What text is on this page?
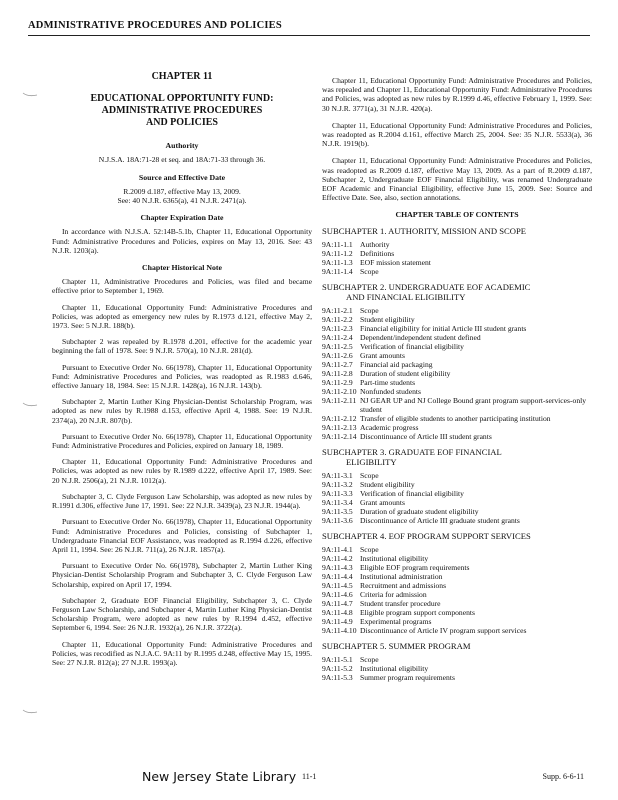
ADMINISTRATIVE PROCEDURES AND POLICIES
CHAPTER 11
EDUCATIONAL OPPORTUNITY FUND:
ADMINISTRATIVE PROCEDURES
AND POLICIES
Authority
N.J.S.A. 18A:71-28 et seq. and 18A:71-33 through 36.
Source and Effective Date
R.2009 d.187, effective May 13, 2009.
See: 40 N.J.R. 6365(a), 41 N.J.R. 2471(a).
Chapter Expiration Date

In accordance with N.J.S.A. 52:14B-5.1b, Chapter 11, Educational Opportunity Fund: Administrative Procedures and Policies, expires on May 13, 2016. See: 43 N.J.R. 1203(a).

Chapter Historical Note

Chapter 11, Administrative Procedures and Policies, was filed and became effective prior to September 1, 1969.

Chapter 11, Educational Opportunity Fund: Administrative Procedures and Policies, was adopted as emergency new rules by R.1973 d.121, effective May 2, 1973. See: 5 N.J.R. 188(b).

Subchapter 2 was repealed by R.1978 d.201, effective for the academic year beginning the fall of 1978. See: 9 N.J.R. 570(a), 10 N.J.R. 281(d).

Pursuant to Executive Order No. 66(1978), Chapter 11, Educational Opportunity Fund: Administrative Procedures and Policies, was readopted as R.1983 d.646, effective January 18, 1984. See: 15 N.J.R. 1428(a), 16 N.J.R. 143(b).

Subchapter 2, Martin Luther King Physician-Dentist Scholarship Program, was adopted as new rules by R.1988 d.153, effective April 4, 1988. See: 19 N.J.R. 2374(a), 20 N.J.R. 807(b).

Pursuant to Executive Order No. 66(1978), Chapter 11, Educational Opportunity Fund: Administrative Procedures and Policies, expired on January 18, 1989.

Chapter 11, Educational Opportunity Fund: Administrative Procedures and Policies, was adopted as new rules by R.1989 d.222, effective April 17, 1989. See: 20 N.J.R. 2506(a), 21 N.J.R. 1012(a).

Subchapter 3, C. Clyde Ferguson Law Scholarship, was adopted as new rules by R.1991 d.306, effective June 17, 1991. See: 22 N.J.R. 3439(a), 23 N.J.R. 1944(a).

Pursuant to Executive Order No. 66(1978), Chapter 11, Educational Opportunity Fund: Administrative Procedures and Policies, consisting of Subchapter 1, Undergraduate Financial EOF Assistance, was readopted as R.1994 d.226, effective April 11, 1994. See: 26 N.J.R. 711(a), 26 N.J.R. 1857(a).

Pursuant to Executive Order No. 66(1978), Subchapter 2, Martin Luther King Physician-Dentist Scholarship Program and Subchapter 3, C. Clyde Ferguson Law Scholarship, expired on April 17, 1994.

Subchapter 2, Graduate EOF Financial Eligibility, Subchapter 3, C. Clyde Ferguson Law Scholarship, and Subchapter 4, Martin Luther King Physician-Dentist Scholarship Program, were adopted as new rules by R.1994 d.452, effective September 6, 1994. See: 26 N.J.R. 1932(a), 26 N.J.R. 3722(a).

Chapter 11, Educational Opportunity Fund: Administrative Procedures and Policies, was recodified as N.J.A.C. 9A:11 by R.1995 d.248, effective May 15, 1995. See: 27 N.J.R. 812(a); 27 N.J.R. 1993(a).

Chapter 11, Educational Opportunity Fund: Administrative Procedures and Policies, was repealed and Chapter 11, Educational Opportunity Fund: Administrative Procedures and Policies, was adopted as new rules by R.1999 d.46, effective February 1, 1999. See: 30 N.J.R. 3771(a), 31 N.J.R. 420(a).

Chapter 11, Educational Opportunity Fund: Administrative Procedures and Policies, was readopted as R.2004 d.161, effective March 25, 2004. See: 35 N.J.R. 5533(a), 36 N.J.R. 1919(b).

Chapter 11, Educational Opportunity Fund: Administrative Procedures and Policies, was readopted as R.2009 d.187, effective May 13, 2009. As a part of R.2009 d.187, Subchapter 2, Undergraduate EOF Financial Eligibility, was renamed Undergraduate EOF Academic and Financial Eligibility, effective June 15, 2009. See: Source and Effective Date. See, also, section annotations.

CHAPTER TABLE OF CONTENTS
SUBCHAPTER 1. AUTHORITY, MISSION AND SCOPE
9A:11-1.1 Authority
9A:11-1.2 Definitions
9A:11-1.3 EOF mission statement
9A:11-1.4 Scope
SUBCHAPTER 2. UNDERGRADUATE EOF ACADEMIC
AND FINANCIAL ELIGIBILITY
9A:11-2.1 Scope
9A:11-2.2 Student eligibility
9A:11-2.3 Financial eligibility for initial Article III student grants
9A:11-2.4 Dependent/independent student defined
9A:11-2.5 Verification of financial eligibility
9A:11-2.6 Grant amounts
9A:11-2.7 Financial aid packaging
9A:11-2.8 Duration of student eligibility
9A:11-2.9 Part-time students
9A:11-2.10 Nonfunded students
9A:11-2.11 NJ GEAR UP and NJ College Bound grant program support-services-only student
9A:11-2.12 Transfer of eligible students to another participating institution
9A:11-2.13 Academic progress
9A:11-2.14 Discontinuance of Article III student grants
SUBCHAPTER 3. GRADUATE EOF FINANCIAL
ELIGIBILITY
9A:11-3.1 Scope
9A:11-3.2 Student eligibility
9A:11-3.3 Verification of financial eligibility
9A:11-3.4 Grant amounts
9A:11-3.5 Duration of graduate student eligibility
9A:11-3.6 Discontinuance of Article III graduate student grants
SUBCHAPTER 4. EOF PROGRAM SUPPORT SERVICES
9A:11-4.1 Scope
9A:11-4.2 Institutional eligibility
9A:11-4.3 Eligible EOF program requirements
9A:11-4.4 Institutional administration
9A:11-4.5 Recruitment and admissions
9A:11-4.6 Criteria for admission
9A:11-4.7 Student transfer procedure
9A:11-4.8 Eligible program support components
9A:11-4.9 Experimental programs
9A:11-4.10 Discontinuance of Article IV program support services
SUBCHAPTER 5. SUMMER PROGRAM
9A:11-5.1 Scope
9A:11-5.2 Institutional eligibility
9A:11-5.3 Summer program requirements
New Jersey State Library 11-1	Supp. 6-6-11
